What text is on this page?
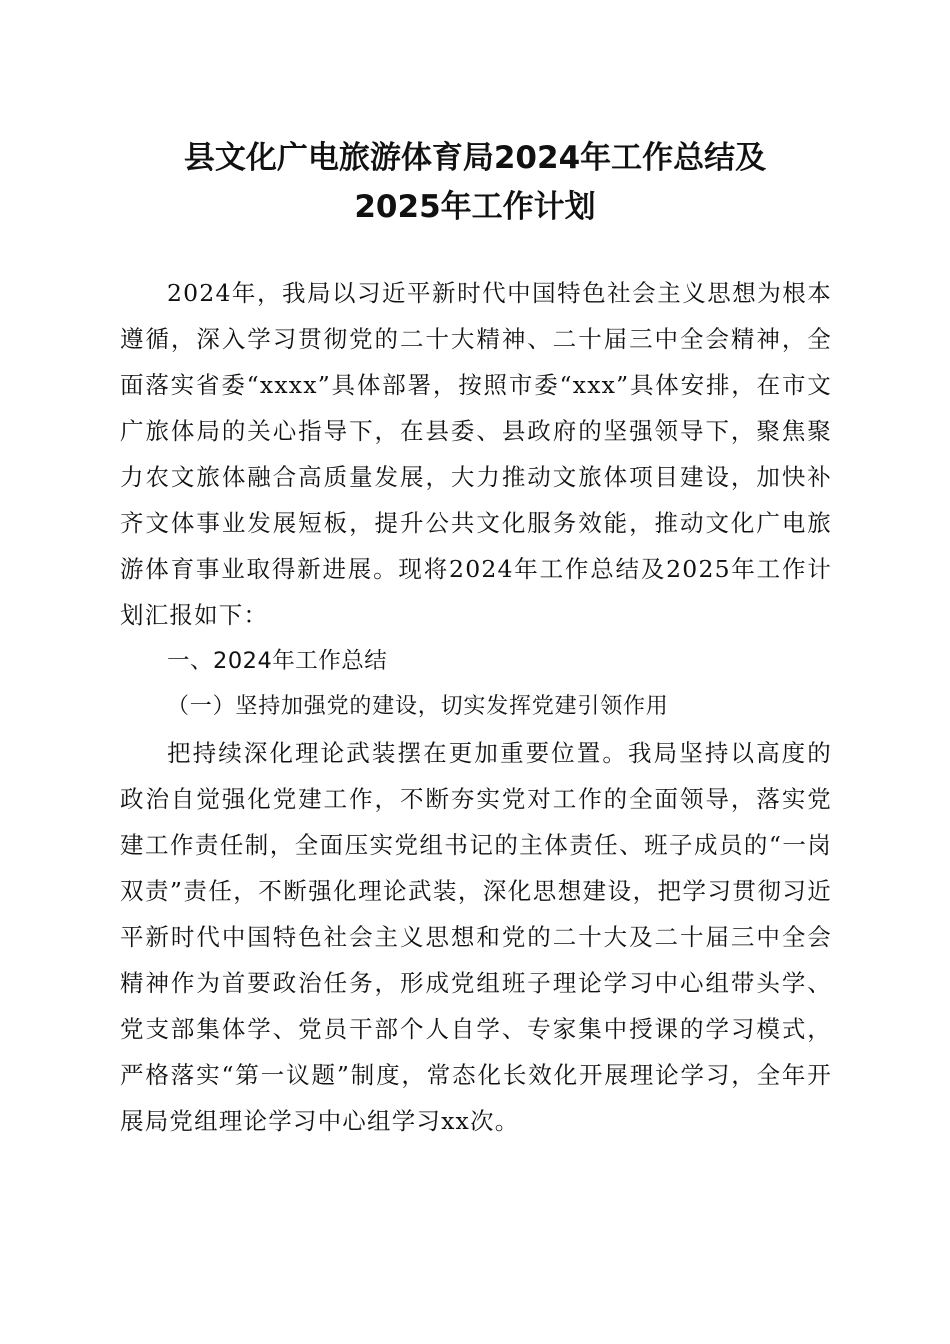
县文化广电旅游体育局2024年工作总结及
2025年工作计划

2024年，我局以习近平新时代中国特色社会主义思想为根本遵循，深入学习贯彻党的二十大精神、二十届三中全会精神，全面落实省委“xxxx”具体部署，按照市委“xxx”具体安排，在市文广旅体局的关心指导下，在县委、县政府的坚强领导下，聚焦聚力农文旅体融合高质量发展，大力推动文旅体项目建设，加快补齐文体事业发展短板，提升公共文化服务效能，推动文化广电旅游体育事业取得新进展。现将2024年工作总结及2025年工作计划汇报如下：

一、2024年工作总结

（一）坚持加强党的建设，切实发挥党建引领作用

把持续深化理论武装摆在更加重要位置。我局坚持以高度的政治自觉强化党建工作，不断夯实党对工作的全面领导，落实党建工作责任制，全面压实党组书记的主体责任、班子成员的“一岗双责”责任，不断强化理论武装，深化思想建设，把学习贯彻习近平新时代中国特色社会主义思想和党的二十大及二十届三中全会精神作为首要政治任务，形成党组班子理论学习中心组带头学、党支部集体学、党员干部个人自学、专家集中授课的学习模式，严格落实“第一议题”制度，常态化长效化开展理论学习，全年开展局党组理论学习中心组学习xx次。
